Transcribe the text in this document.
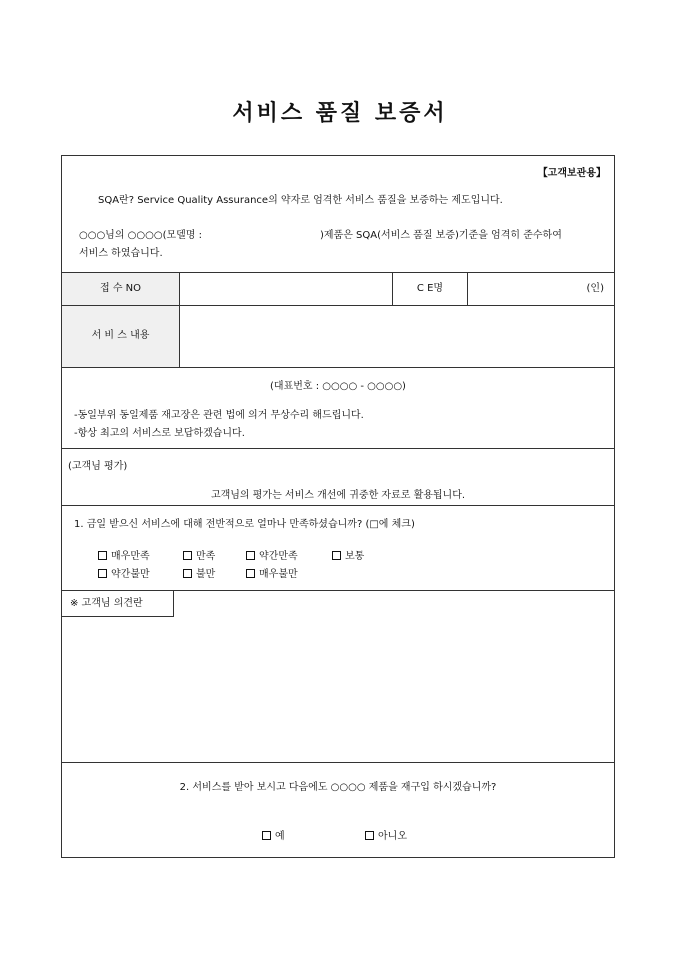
서비스 품질 보증서
【고객보관용】
SQA란? Service Quality Assurance의 약자로 엄격한 서비스 품질을 보증하는 제도입니다.
○○○님의 ○○○○(모델명 :	)제품은 SQA(서비스 품질 보증)기준을 엄격히 준수하여
서비스 하였습니다.
접 수 NO	C E명	(인)
서 비 스 내용
(대표번호 : ○○○○ - ○○○○)
-동일부위 동일제품 재고장은 관련 법에 의거 무상수리 해드립니다.
-항상 최고의 서비스로 보답하겠습니다.
(고객님 평가)
고객님의 평가는 서비스 개선에 귀중한 자료로 활용됩니다.
1. 금일 받으신 서비스에 대해 전반적으로 얼마나 만족하셨습니까? (□에 체크)
매우만족	만족	약간만족	보통
약간불만	불만	매우불만
※ 고객님 의견란
2. 서비스를 받아 보시고 다음에도 ○○○○ 제품을 재구입 하시겠습니까?
예	아니오
